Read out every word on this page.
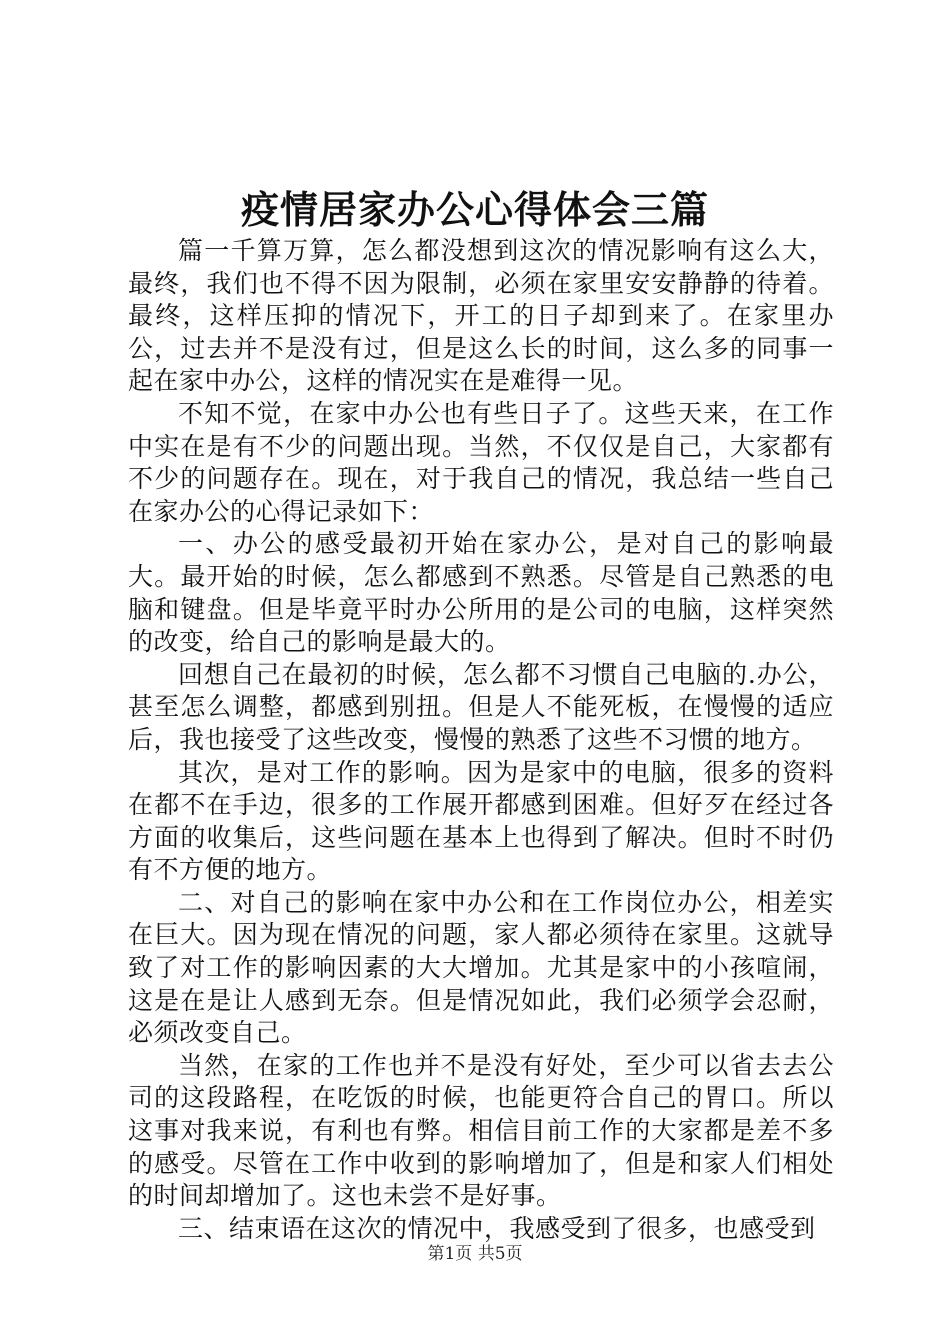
疫情居家办公心得体会三篇

篇一千算万算，怎么都没想到这次的情况影响有这么大，最终，我们也不得不因为限制，必须在家里安安静静的待着。最终，这样压抑的情况下，开工的日子却到来了。在家里办公，过去并不是没有过，但是这么长的时间，这么多的同事一起在家中办公，这样的情况实在是难得一见。

不知不觉，在家中办公也有些日子了。这些天来，在工作中实在是有不少的问题出现。当然，不仅仅是自己，大家都有不少的问题存在。现在，对于我自己的情况，我总结一些自己在家办公的心得记录如下：

一、办公的感受最初开始在家办公，是对自己的影响最大。最开始的时候，怎么都感到不熟悉。尽管是自己熟悉的电脑和键盘。但是毕竟平时办公所用的是公司的电脑，这样突然的改变，给自己的影响是最大的。

回想自己在最初的时候，怎么都不习惯自己电脑的.办公，甚至怎么调整，都感到别扭。但是人不能死板，在慢慢的适应后，我也接受了这些改变，慢慢的熟悉了这些不习惯的地方。

其次，是对工作的影响。因为是家中的电脑，很多的资料在都不在手边，很多的工作展开都感到困难。但好歹在经过各方面的收集后，这些问题在基本上也得到了解决。但时不时仍有不方便的地方。

二、对自己的影响在家中办公和在工作岗位办公，相差实在巨大。因为现在情况的问题，家人都必须待在家里。这就导致了对工作的影响因素的大大增加。尤其是家中的小孩喧闹，这是在是让人感到无奈。但是情况如此，我们必须学会忍耐，必须改变自己。

当然，在家的工作也并不是没有好处，至少可以省去去公司的这段路程，在吃饭的时候，也能更符合自己的胃口。所以这事对我来说，有利也有弊。相信目前工作的大家都是差不多的感受。尽管在工作中收到的影响增加了，但是和家人们相处的时间却增加了。这也未尝不是好事。

三、结束语在这次的情况中，我感受到了很多，也感受到

第1页 共5页
